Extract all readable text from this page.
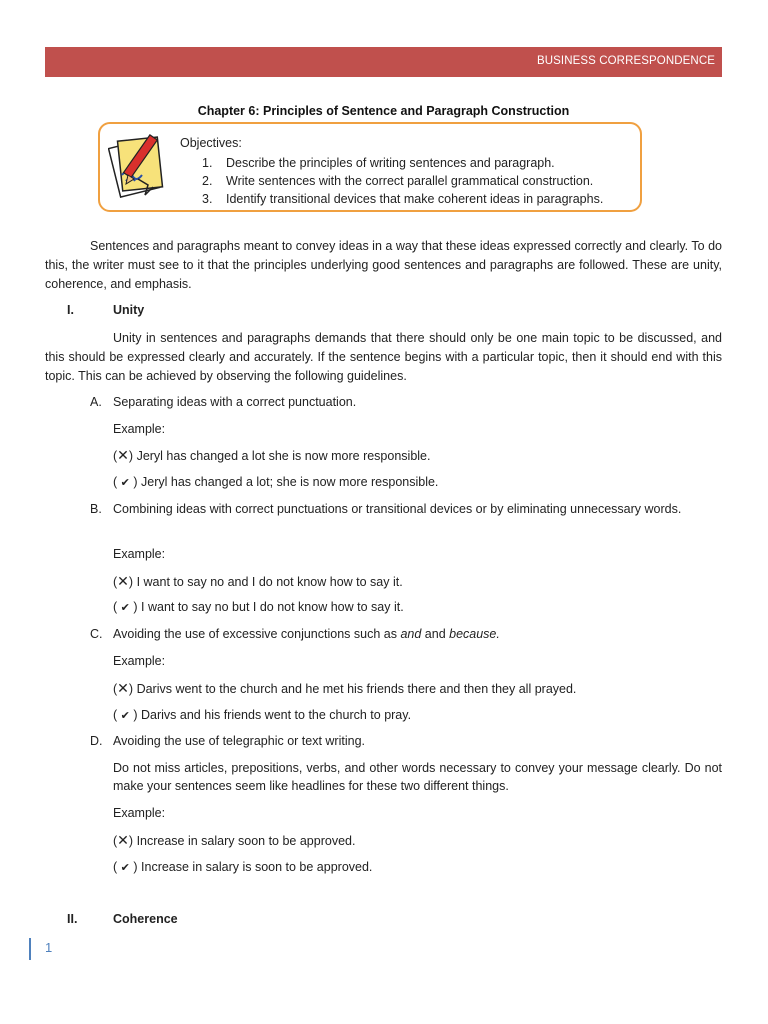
BUSINESS CORRESPONDENCE
Chapter 6: Principles of Sentence and Paragraph Construction
Objectives:
1. Describe the principles of writing sentences and paragraph.
2. Write sentences with the correct parallel grammatical construction.
3. Identify transitional devices that make coherent ideas in paragraphs.

Sentences and paragraphs meant to convey ideas in a way that these ideas expressed correctly and clearly. To do this, the writer must see to it that the principles underlying good sentences and paragraphs are followed. These are unity, coherence, and emphasis.

I.	Unity

Unity in sentences and paragraphs demands that there should only be one main topic to be discussed, and this should be expressed clearly and accurately. If the sentence begins with a particular topic, then it should end with this topic. This can be achieved by observing the following guidelines.

A. Separating ideas with a correct punctuation.
Example:
(✕) Jeryl has changed a lot she is now more responsible.
( ✔ ) Jeryl has changed a lot; she is now more responsible.
B. Combining ideas with correct punctuations or transitional devices or by eliminating unnecessary words.
Example:
(✕) I want to say no and I do not know how to say it.
( ✔ ) I want to say no but I do not know how to say it.
C. Avoiding the use of excessive conjunctions such as and and because.
Example:
(✕) Darivs went to the church and he met his friends there and then they all prayed.
( ✔ ) Darivs and his friends went to the church to pray.
D. Avoiding the use of telegraphic or text writing.
Do not miss articles, prepositions, verbs, and other words necessary to convey your message clearly. Do not make your sentences seem like headlines for these two different things.
Example:
(✕) Increase in salary soon to be approved.
( ✔ ) Increase in salary is soon to be approved.
II.	Coherence
1
